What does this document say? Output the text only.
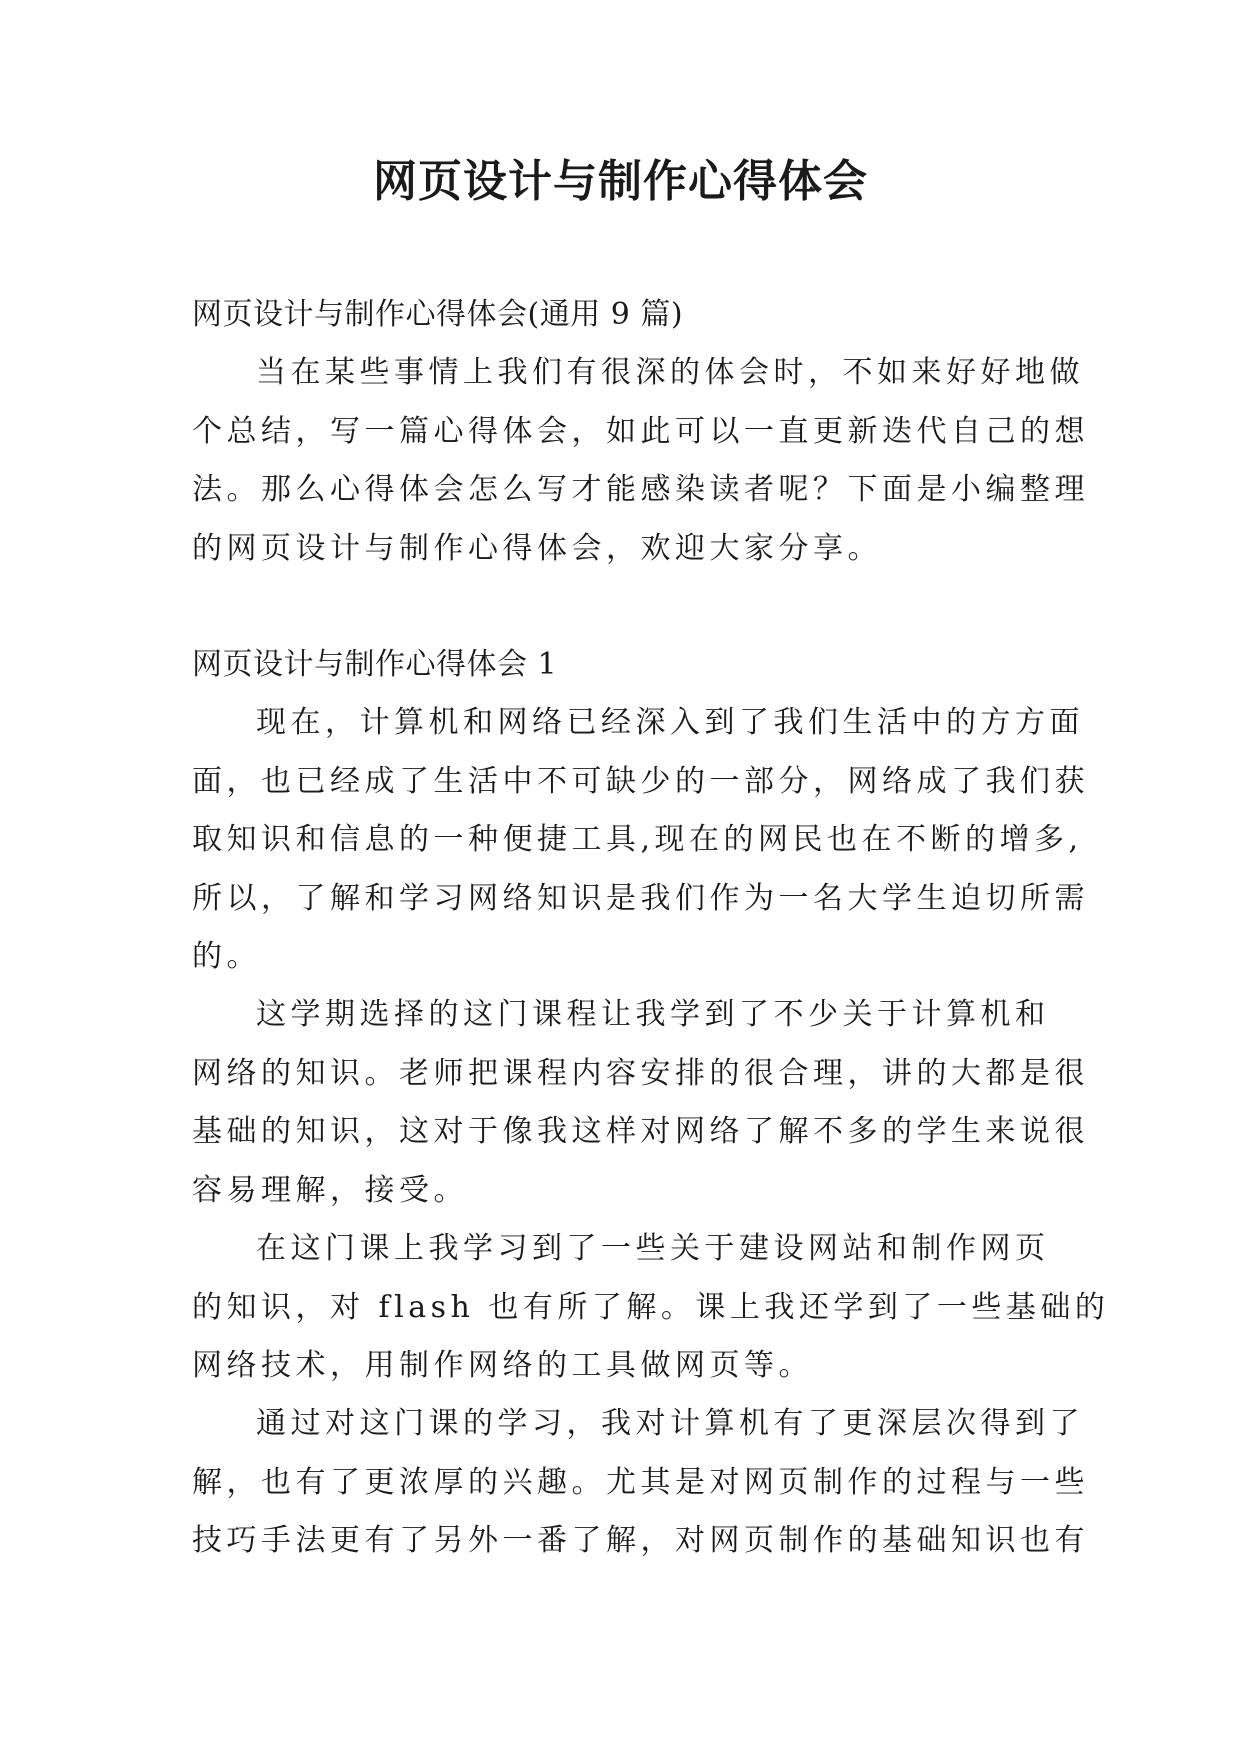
网页设计与制作心得体会

网页设计与制作心得体会(通用 9 篇)

当在某些事情上我们有很深的体会时，不如来好好地做

个总结，写一篇心得体会，如此可以一直更新迭代自己的想

法。那么心得体会怎么写才能感染读者呢？下面是小编整理

的网页设计与制作心得体会，欢迎大家分享。

网页设计与制作心得体会 1

现在，计算机和网络已经深入到了我们生活中的方方面

面，也已经成了生活中不可缺少的一部分，网络成了我们获

取知识和信息的一种便捷工具,现在的网民也在不断的增多,

所以，了解和学习网络知识是我们作为一名大学生迫切所需

的。

这学期选择的这门课程让我学到了不少关于计算机和

网络的知识。老师把课程内容安排的很合理，讲的大都是很

基础的知识，这对于像我这样对网络了解不多的学生来说很

容易理解，接受。

在这门课上我学习到了一些关于建设网站和制作网页

的知识，对 flash 也有所了解。课上我还学到了一些基础的

网络技术，用制作网络的工具做网页等。

通过对这门课的学习，我对计算机有了更深层次得到了

解，也有了更浓厚的兴趣。尤其是对网页制作的过程与一些

技巧手法更有了另外一番了解，对网页制作的基础知识也有
